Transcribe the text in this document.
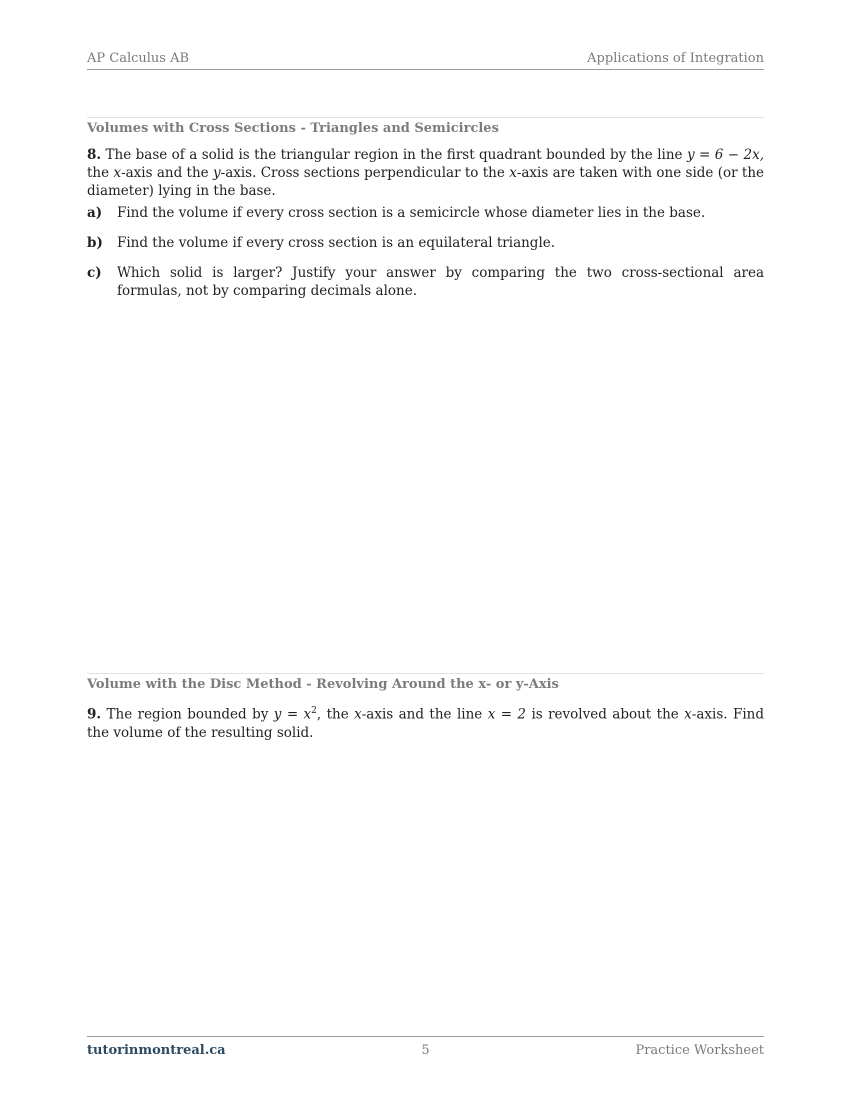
AP Calculus AB	Applications of Integration

Volumes with Cross Sections - Triangles and Semicircles

8. The base of a solid is the triangular region in the first quadrant bounded by the line y = 6 − 2x, the x-axis and the y-axis. Cross sections perpendicular to the x-axis are taken with one side (or the diameter) lying in the base.

a)	Find the volume if every cross section is a semicircle whose diameter lies in the base.
b)	Find the volume if every cross section is an equilateral triangle.
c)	Which solid is larger? Justify your answer by comparing the two cross-sectional area formulas, not by comparing decimals alone.

Volume with the Disc Method - Revolving Around the x- or y-Axis

9. The region bounded by $y = x^2$, the x-axis and the line x = 2 is revolved about the x-axis. Find the volume of the resulting solid.

tutorinmontreal.ca	5	Practice Worksheet
